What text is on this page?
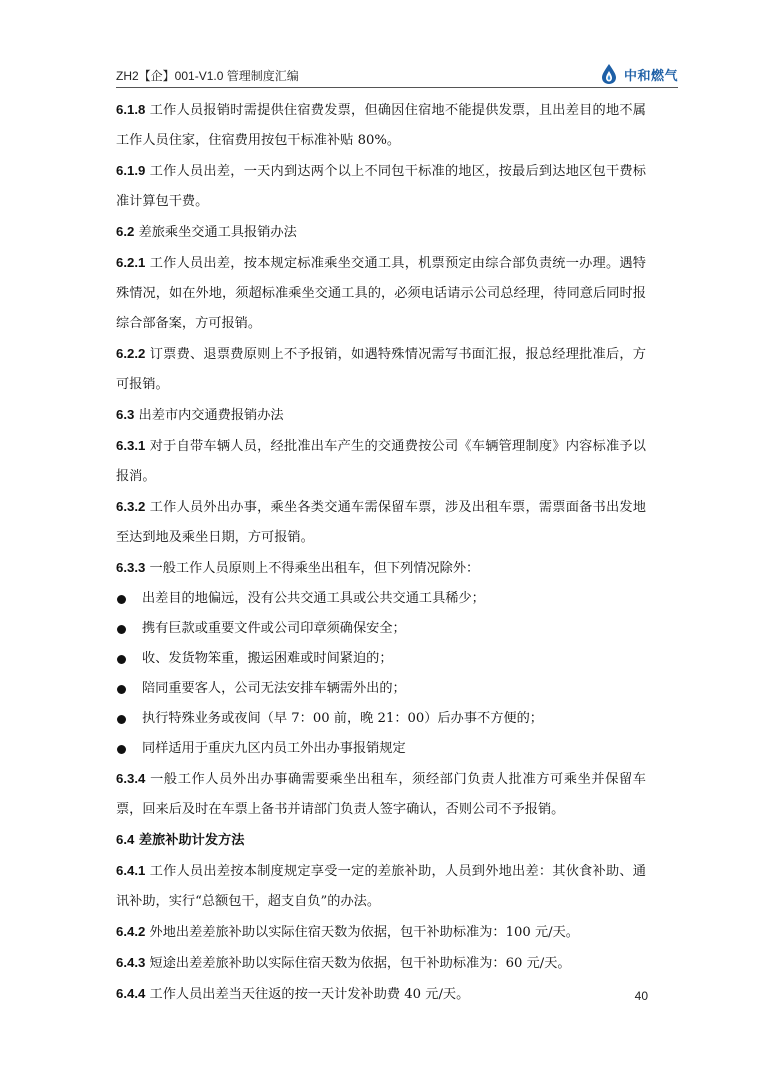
ZH2【企】001-V1.0 管理制度汇编	中和燃气

6.1.8 工作人员报销时需提供住宿费发票，但确因住宿地不能提供发票，且出差目的地不属工作人员住家，住宿费用按包干标准补贴 80%。

6.1.9 工作人员出差，一天内到达两个以上不同包干标准的地区，按最后到达地区包干费标准计算包干费。

6.2 差旅乘坐交通工具报销办法

6.2.1 工作人员出差，按本规定标准乘坐交通工具，机票预定由综合部负责统一办理。遇特殊情况，如在外地，须超标准乘坐交通工具的，必须电话请示公司总经理，待同意后同时报综合部备案，方可报销。

6.2.2 订票费、退票费原则上不予报销，如遇特殊情况需写书面汇报，报总经理批准后，方可报销。

6.3 出差市内交通费报销办法

6.3.1 对于自带车辆人员，经批准出车产生的交通费按公司《车辆管理制度》内容标准予以报消。

6.3.2 工作人员外出办事，乘坐各类交通车需保留车票，涉及出租车票，需票面备书出发地至达到地及乘坐日期，方可报销。

6.3.3 一般工作人员原则上不得乘坐出租车，但下列情况除外：

出差目的地偏远，没有公共交通工具或公共交通工具稀少；

携有巨款或重要文件或公司印章须确保安全；

收、发货物笨重，搬运困难或时间紧迫的；

陪同重要客人，公司无法安排车辆需外出的；

执行特殊业务或夜间（早 7：00 前，晚 21：00）后办事不方便的；

同样适用于重庆九区内员工外出办事报销规定

6.3.4 一般工作人员外出办事确需要乘坐出租车，须经部门负责人批准方可乘坐并保留车票，回来后及时在车票上备书并请部门负责人签字确认，否则公司不予报销。

6.4 差旅补助计发方法

6.4.1 工作人员出差按本制度规定享受一定的差旅补助，人员到外地出差：其伙食补助、通讯补助，实行“总额包干，超支自负”的办法。

6.4.2 外地出差差旅补助以实际住宿天数为依据，包干补助标准为：100 元/天。

6.4.3 短途出差差旅补助以实际住宿天数为依据，包干补助标准为：60 元/天。

6.4.4 工作人员出差当天往返的按一天计发补助费 40 元/天。	40
